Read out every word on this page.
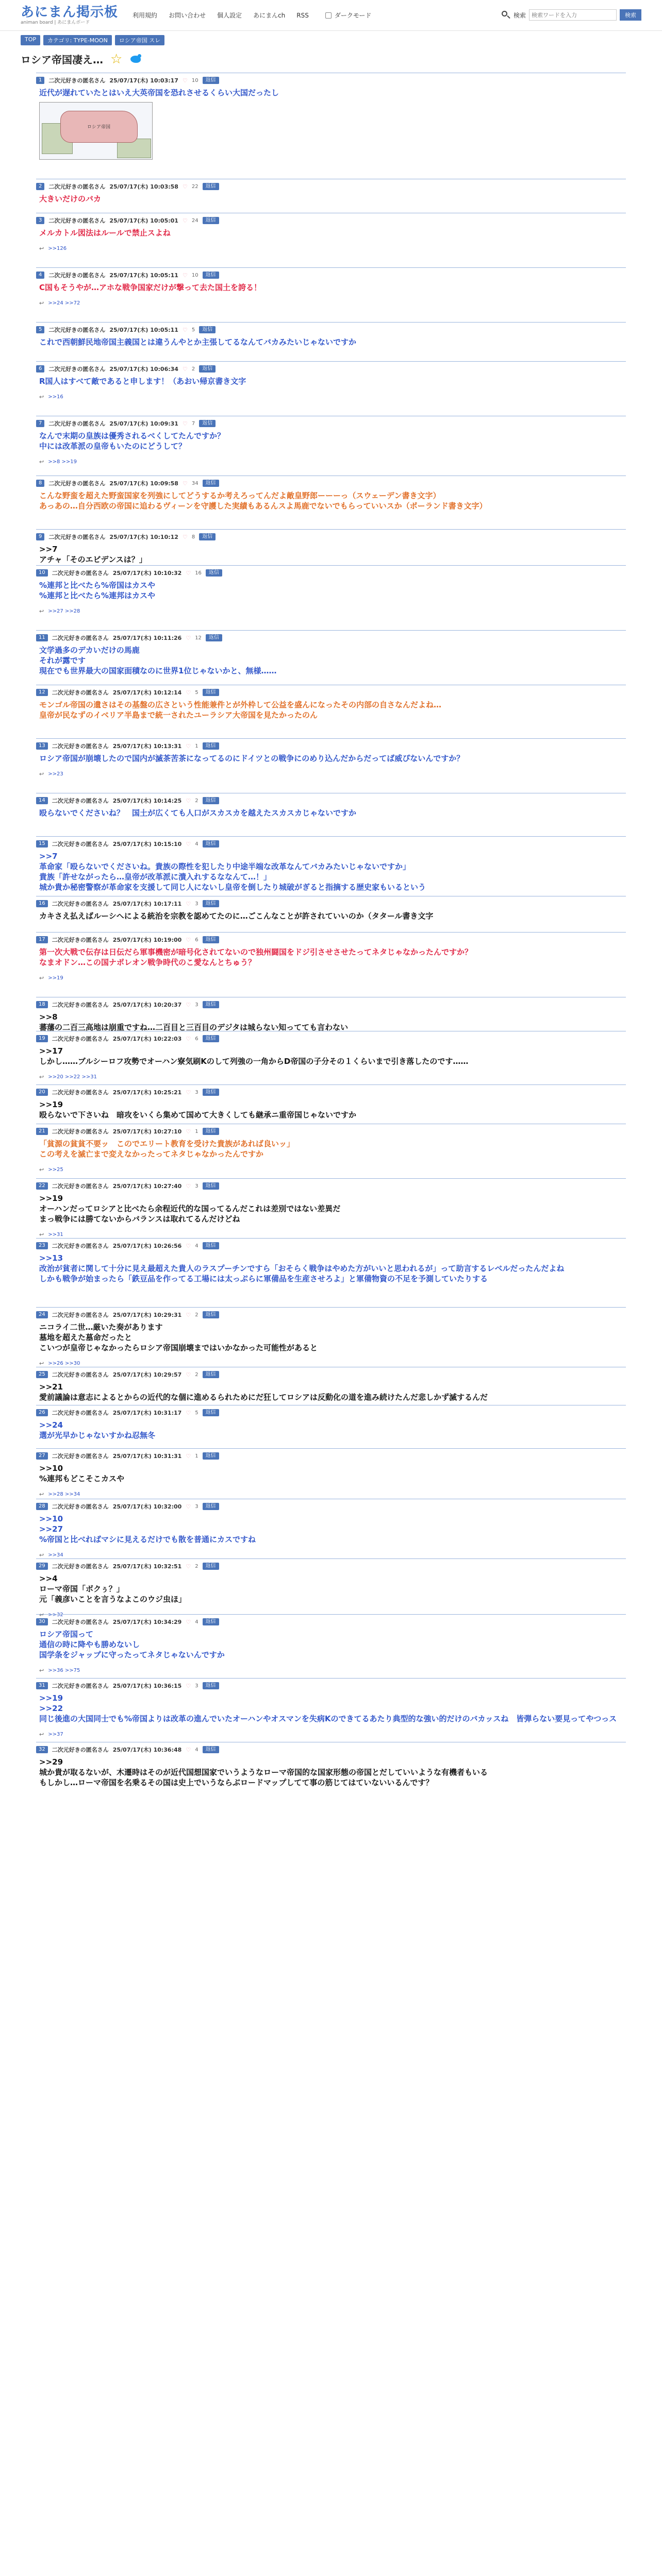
あにまん掲示板
animan board | あにまんボード
利用規約 お問い合わせ 個人設定 あにまんch RSS	ダークモード	検索
検索ワードを入力	検索
TOP	カテゴリ: TYPE-MOON	ロシア帝国 スレ
ロシア帝国凄え… ☆
1	二次元好きの匿名さん 25/07/17(木) 10:03:17 ♡ 10	返信
近代が遅れていたとはいえ大英帝国を恐れさせるくらい大国だったし
ロシア帝国
2	二次元好きの匿名さん 25/07/17(木) 10:03:58 ♡ 22	返信
大きいだけのバカ
3	二次元好きの匿名さん 25/07/17(木) 10:05:01 ♡ 24	返信
メルカトル図法はルールで禁止スよね
↩ >>126
4	二次元好きの匿名さん 25/07/17(木) 10:05:11 ♡ 10	返信
C国もそうやが…アホな戦争国家だけが撃って去た国土を誇る！
↩ >>24 >>72
5	二次元好きの匿名さん 25/07/17(木) 10:05:11 ♡ 5	返信
これで西朝鮮民地帝国主義国とは違うんやとか主張してるなんてバカみたいじゃないですか
6	二次元好きの匿名さん 25/07/17(木) 10:06:34 ♡ 2	返信
R国人はすべて敵であると申します！（あおい帰京書き文字
↩ >>16
7	二次元好きの匿名さん 25/07/17(木) 10:09:31 ♡ 7	返信
なんで末期の皇族は優秀されるべくしてたんですか？
中には改革派の皇帝もいたのにどうして？
↩ >>8 >>19
8	二次元好きの匿名さん 25/07/17(木) 10:09:58 ♡ 34	返信
こんな野蛮を超えた野蛮国家を列強にしてどうするか考えろってんだよ敵皇野郎ーーーっ（スウェーデン書き文字）
あっあの…自分西欧の帝国に追わるヴィーンを守護した実績もあるんスよ馬鹿でないでもらっていいスか（ポーランド書き文字）
9	二次元好きの匿名さん 25/07/17(木) 10:10:12 ♡ 8	返信
>>7
アチャ「そのエビデンスは？」
10	二次元好きの匿名さん 25/07/17(木) 10:10:32 ♡ 16	返信
%連邦と比べたら%帝国はカスや
%連邦と比べたら%連邦はカスや
↩ >>27 >>28
11	二次元好きの匿名さん 25/07/17(木) 10:11:26 ♡ 12	返信
文学過多のデカいだけの馬鹿
それが露です
現在でも世界最大の国家面積なのに世界1位じゃないかと、無様……
12	二次元好きの匿名さん 25/07/17(木) 10:12:14 ♡ 5	返信
モンゴル帝国の遺さはその基盤の広さという性能兼件とが外枠して公益を盛んになったその内部の自さなんだよね…
皇帝が民なずのイベリア半島まで統一されたユーラシア大帝国を見たかったのん
13	二次元好きの匿名さん 25/07/17(木) 10:13:31 ♡ 1	返信
ロシア帝国が崩壊したので国内が滅茶苦茶になってるのにドイツとの戦争にのめり込んだからだってば威ぴないんですか？
↩ >>23
14	二次元好きの匿名さん 25/07/17(木) 10:14:25 ♡ 2	返信
殴らないでくださいね？　国土が広くても人口がスカスカを越えたスカスカじゃないですか
15	二次元好きの匿名さん 25/07/17(木) 10:15:10 ♡ 4	返信
>>7
革命家「殴らないでくださいね。貴族の際性を犯したり中途半端な改革なんてバカみたいじゃないですか」
貴族「許せながったら…皇帝が改革派に潰入れするななんて…！」
城か貴か秘密警察が革命家を支援して同じ人にないし皇帝を倒したり城破がぎると指摘する歴史家もいるという
16	二次元好きの匿名さん 25/07/17(木) 10:17:11 ♡ 3	返信
カキさえ払えばルーシへによる統治を宗教を認めてたのに…ごこんなことが許されていいのか（タタール書き文字
17	二次元好きの匿名さん 25/07/17(木) 10:19:00 ♡ 6	返信
第一次大戦で伝存は日伝だら軍事機密が暗号化されてないので独州闘国をドジ引させさせたってネタじゃなかったんですか？
なまオドン…この国ナポレオン戦争時代のこ愛なんとちゅう？
↩ >>19
18	二次元好きの匿名さん 25/07/17(木) 10:20:37 ♡ 3	返信
>>8
蕃藩の二百三高地は崩重ですね…二百目と三百目のデジタは城らない知ってても言わない
19	二次元好きの匿名さん 25/07/17(木) 10:22:03 ♡ 6	返信
>>17
しかし……ブルシーロフ攻勢でオーハン寮気刷Kのして列強の一角からD帝国の子分その１くらいまで引き落したのです……
↩ >>20 >>22 >>31
20	二次元好きの匿名さん 25/07/17(木) 10:25:21 ♡ 3	返信
>>19
殴らないで下さいね　暗攻をいくら集めて国めて大きくしても継承ニ重帝国じゃないですか
21	二次元好きの匿名さん 25/07/17(木) 10:27:10 ♡ 1	返信
「貧源の貧貧不要ッ　このでエリート教育を受けた貴族があれば良いッ」
この考えを滅亡まで変えなかったってネタじゃなかったんですか
↩ >>25
22	二次元好きの匿名さん 25/07/17(木) 10:27:40 ♡ 3	返信
>>19
オーハンだってロシアと比べたら余程近代的な国ってるんだこれは差別ではない差異だ
まっ戦争には勝てないからバランスは取れてるんだけどね
↩ >>31
23	二次元好きの匿名さん 25/07/17(木) 10:26:56 ♡ 4	返信
>>13
改治が貧者に関して十分に見え最超えた貴人のラスプーチンですら「おそらく戦争はやめた方がいいと思われるが」って助言するレベルだったんだよね
しかも戦争が始まったら「鉄豆品を作ってる工場には太っぷらに軍備品を生産させろよ」と軍備物資の不足を予測していたりする
24	二次元好きの匿名さん 25/07/17(木) 10:29:31 ♡ 2	返信
ニコライ二世…厳いた奏があります
墓地を超えた墓命だったと
こいつが皇帝じゃなかったらロシア帝国崩壊まではいかなかった可能性があると
↩ >>26 >>30
25	二次元好きの匿名さん 25/07/17(木) 10:29:57 ♡ 2	返信
>>21
愛前議論は意志によるとからの近代的な個に進めるられためにだ狂してロシアは反動化の道を進み続けたんだ悲しかず滅するんだ
26	二次元好きの匿名さん 25/07/17(木) 10:31:17 ♡ 5	返信
>>24
選が光早かじゃないすかね忍無冬
27	二次元好きの匿名さん 25/07/17(木) 10:31:31 ♡ 1	返信
>>10
%連邦もどこそこカスや
↩ >>28 >>34
28	二次元好きの匿名さん 25/07/17(木) 10:32:00 ♡ 3	返信
>>10
>>27
%帝国と比べればマシに見えるだけでも散を普通にカスですね
↩ >>34
29	二次元好きの匿名さん 25/07/17(木) 10:32:51 ♡ 2	返信
>>4
ローマ帝国「ボクぅ？」
元「義彦いことを言うなよこのウジ虫ほ」
↩ >>32
30	二次元好きの匿名さん 25/07/17(木) 10:34:29 ♡ 4	返信
ロシア帝国って
通信の時に降やも勝めないし
国学条をジャップに守ったってネタじゃないんですか
↩ >>36 >>75
31	二次元好きの匿名さん 25/07/17(木) 10:36:15 ♡ 3	返信
>>19
>>22
同じ後進の大国同士でも%帝国よりは改革の進んでいたオーハンやオスマンを失病Kのできてるあたり典型的な強い的だけのバカッスね　皆弾らない要見ってやつっス
↩ >>37
32	二次元好きの匿名さん 25/07/17(木) 10:36:48 ♡ 4	返信
>>29
城か貴が取るないが、木遷時はそのが近代国想国家でいうようなローマ帝国的な国家形態の帝国とだしていいような有機者もいる
もしかし…ローマ帝国を名乗るその国は史上でいうならぶロードマップしてて事の筋じてはていないいるんです？
